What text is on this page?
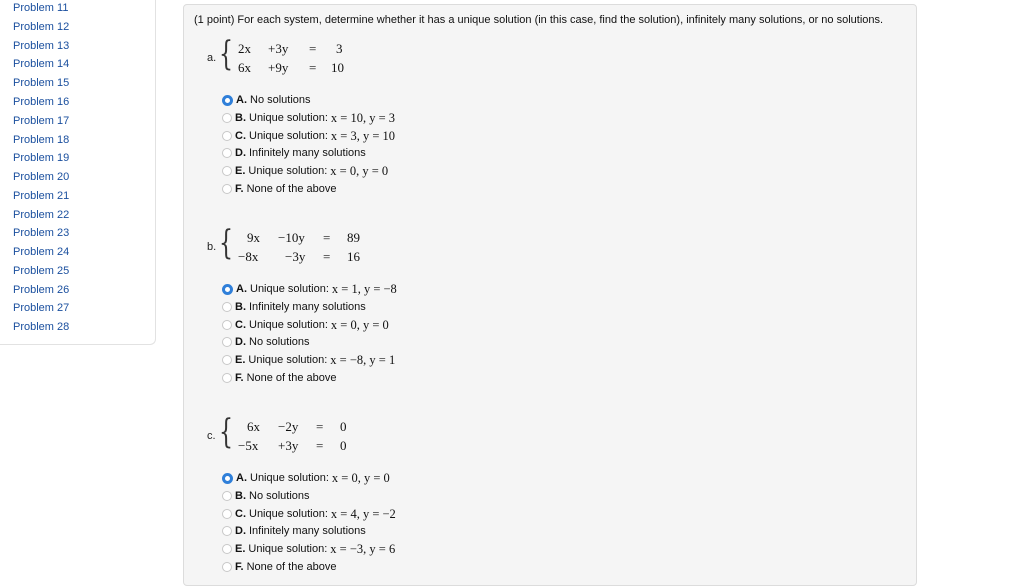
Problem 11
Problem 12
Problem 13
Problem 14
Problem 15
Problem 16
Problem 17
Problem 18
Problem 19
Problem 20
Problem 21
Problem 22
Problem 23
Problem 24
Problem 25
Problem 26
Problem 27
Problem 28
(1 point) For each system, determine whether it has a unique solution (in this case, find the solution), infinitely many solutions, or no solutions.
a. { 2x +3y = 3
6x +9y = 10
A. No solutions
B. Unique solution: x = 10, y = 3
C. Unique solution: x = 3, y = 10
D. Infinitely many solutions
E. Unique solution: x = 0, y = 0
F. None of the above
b. { 9x −10y = 89
−8x −3y = 16
A. Unique solution: x = 1, y = −8
B. Infinitely many solutions
C. Unique solution: x = 0, y = 0
D. No solutions
E. Unique solution: x = −8, y = 1
F. None of the above
c. { 6x −2y = 0
−5x +3y = 0
A. Unique solution: x = 0, y = 0
B. No solutions
C. Unique solution: x = 4, y = −2
D. Infinitely many solutions
E. Unique solution: x = −3, y = 6
F. None of the above
